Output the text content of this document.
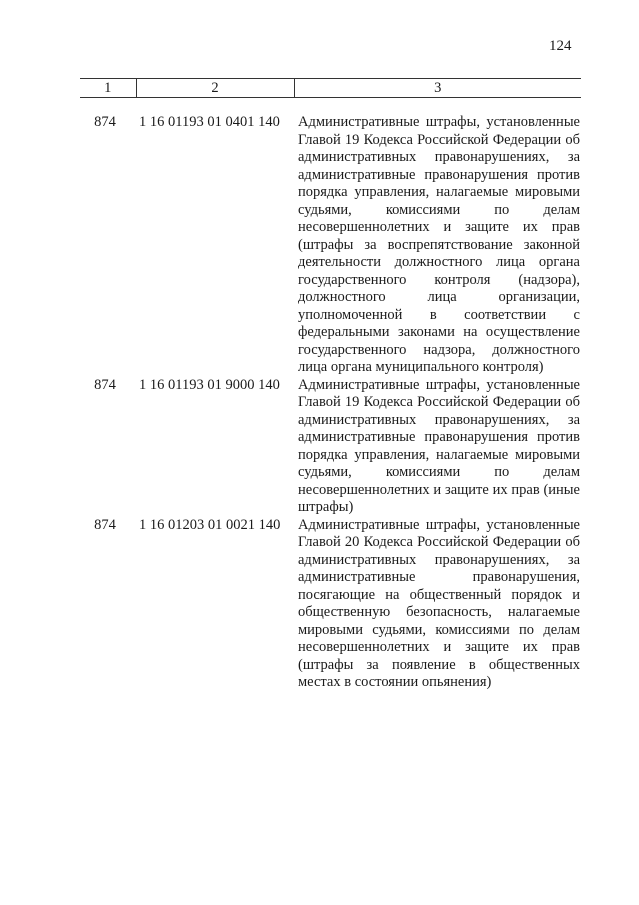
124
1	2	3
874	1 16 01193 01 0401 140	Административные штрафы, установленные Главой 19 Кодекса Российской Федерации об административных правонарушениях, за административные правонарушения против порядка управления, налагаемые мировыми судьями, комиссиями по делам несовершеннолетних и защите их прав (штрафы за воспрепятствование законной деятельности должностного лица органа государственного контроля (надзора), должностного лица организации, уполномоченной в соответствии с федеральными законами на осуществление государственного надзора, должностного лица органа муниципального контроля)
874	1 16 01193 01 9000 140	Административные штрафы, установленные Главой 19 Кодекса Российской Федерации об административных правонарушениях, за административные правонарушения против порядка управления, налагаемые мировыми судьями, комиссиями по делам несовершеннолетних и защите их прав (иные штрафы)
874	1 16 01203 01 0021 140	Административные штрафы, установленные Главой 20 Кодекса Российской Федерации об административных правонарушениях, за административные правонарушения, посягающие на общественный порядок и общественную безопасность, налагаемые мировыми судьями, комиссиями по делам несовершеннолетних и защите их прав (штрафы за появление в общественных местах в состоянии опьянения)
